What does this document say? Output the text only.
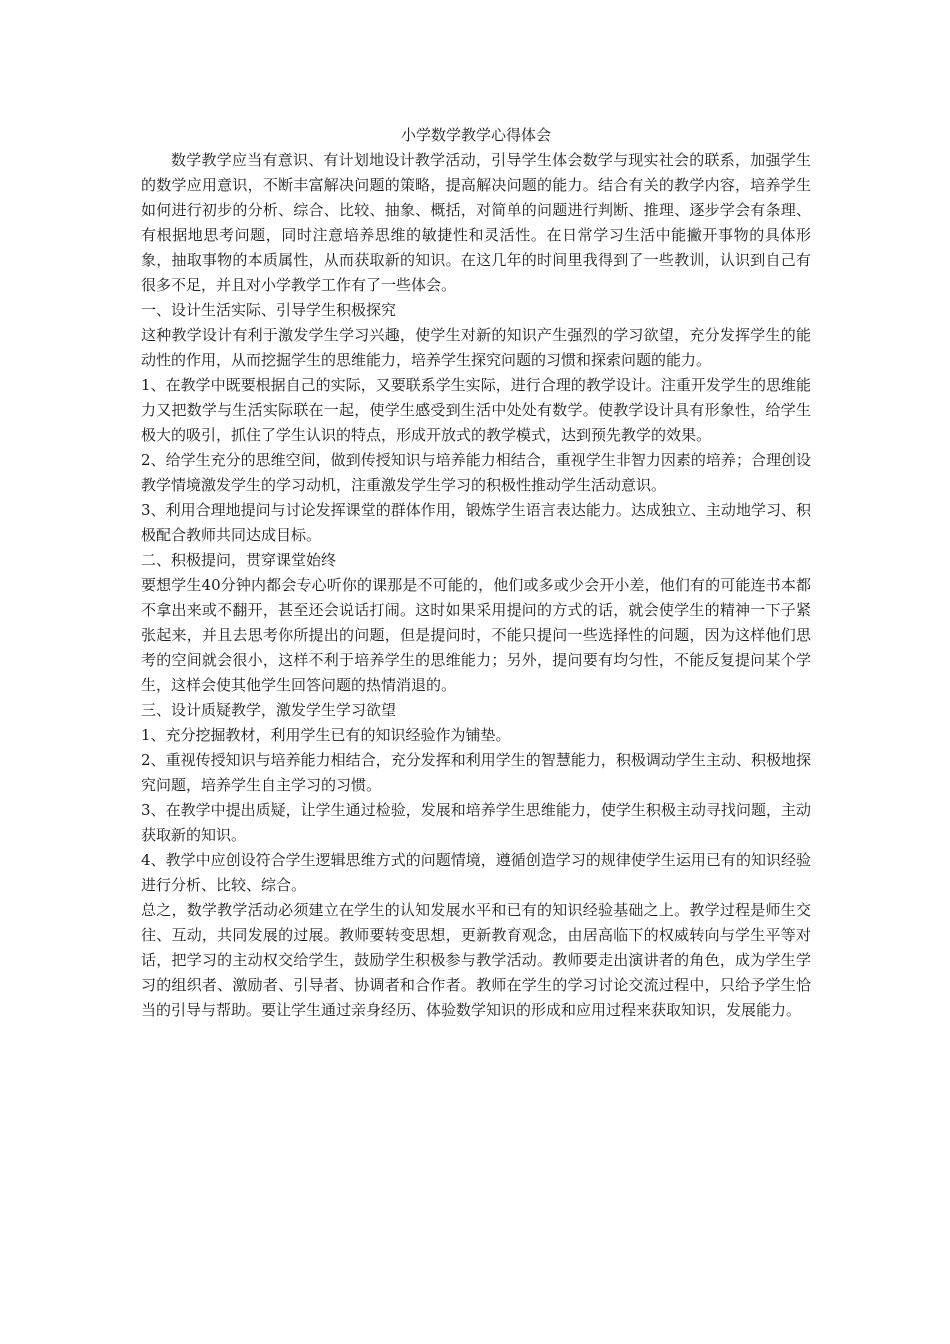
小学数学教学心得体会

数学教学应当有意识、有计划地设计教学活动，引导学生体会数学与现实社会的联系，加强学生的数学应用意识，不断丰富解决问题的策略，提高解决问题的能力。结合有关的教学内容，培养学生如何进行初步的分析、综合、比较、抽象、概括，对简单的问题进行判断、推理、逐步学会有条理、有根据地思考问题，同时注意培养思维的敏捷性和灵活性。在日常学习生活中能撇开事物的具体形象，抽取事物的本质属性，从而获取新的知识。在这几年的时间里我得到了一些教训，认识到自己有很多不足，并且对小学教学工作有了一些体会。

一、设计生活实际、引导学生积极探究

这种教学设计有利于激发学生学习兴趣，使学生对新的知识产生强烈的学习欲望，充分发挥学生的能动性的作用，从而挖掘学生的思维能力，培养学生探究问题的习惯和探索问题的能力。

1、在教学中既要根据自己的实际，又要联系学生实际，进行合理的教学设计。注重开发学生的思维能力又把数学与生活实际联在一起，使学生感受到生活中处处有数学。使教学设计具有形象性，给学生极大的吸引，抓住了学生认识的特点，形成开放式的教学模式，达到预先教学的效果。

2、给学生充分的思维空间，做到传授知识与培养能力相结合，重视学生非智力因素的培养；合理创设教学情境激发学生的学习动机，注重激发学生学习的积极性推动学生活动意识。

3、利用合理地提问与讨论发挥课堂的群体作用，锻炼学生语言表达能力。达成独立、主动地学习、积极配合教师共同达成目标。

二、积极提问，贯穿课堂始终

要想学生40分钟内都会专心听你的课那是不可能的，他们或多或少会开小差，他们有的可能连书本都不拿出来或不翻开，甚至还会说话打闹。这时如果采用提问的方式的话，就会使学生的精神一下子紧张起来，并且去思考你所提出的问题，但是提问时，不能只提问一些选择性的问题，因为这样他们思考的空间就会很小，这样不利于培养学生的思维能力；另外，提问要有均匀性，不能反复提问某个学生，这样会使其他学生回答问题的热情消退的。

三、设计质疑教学，激发学生学习欲望

1、充分挖掘教材，利用学生已有的知识经验作为铺垫。

2、重视传授知识与培养能力相结合，充分发挥和利用学生的智慧能力，积极调动学生主动、积极地探究问题，培养学生自主学习的习惯。

3、在教学中提出质疑，让学生通过检验，发展和培养学生思维能力，使学生积极主动寻找问题，主动获取新的知识。

4、教学中应创设符合学生逻辑思维方式的问题情境，遵循创造学习的规律使学生运用已有的知识经验进行分析、比较、综合。

总之，数学教学活动必须建立在学生的认知发展水平和已有的知识经验基础之上。教学过程是师生交往、互动，共同发展的过展。教师要转变思想，更新教育观念，由居高临下的权威转向与学生平等对话，把学习的主动权交给学生，鼓励学生积极参与教学活动。教师要走出演讲者的角色，成为学生学习的组织者、激励者、引导者、协调者和合作者。教师在学生的学习讨论交流过程中，只给予学生恰当的引导与帮助。要让学生通过亲身经历、体验数学知识的形成和应用过程来获取知识，发展能力。
